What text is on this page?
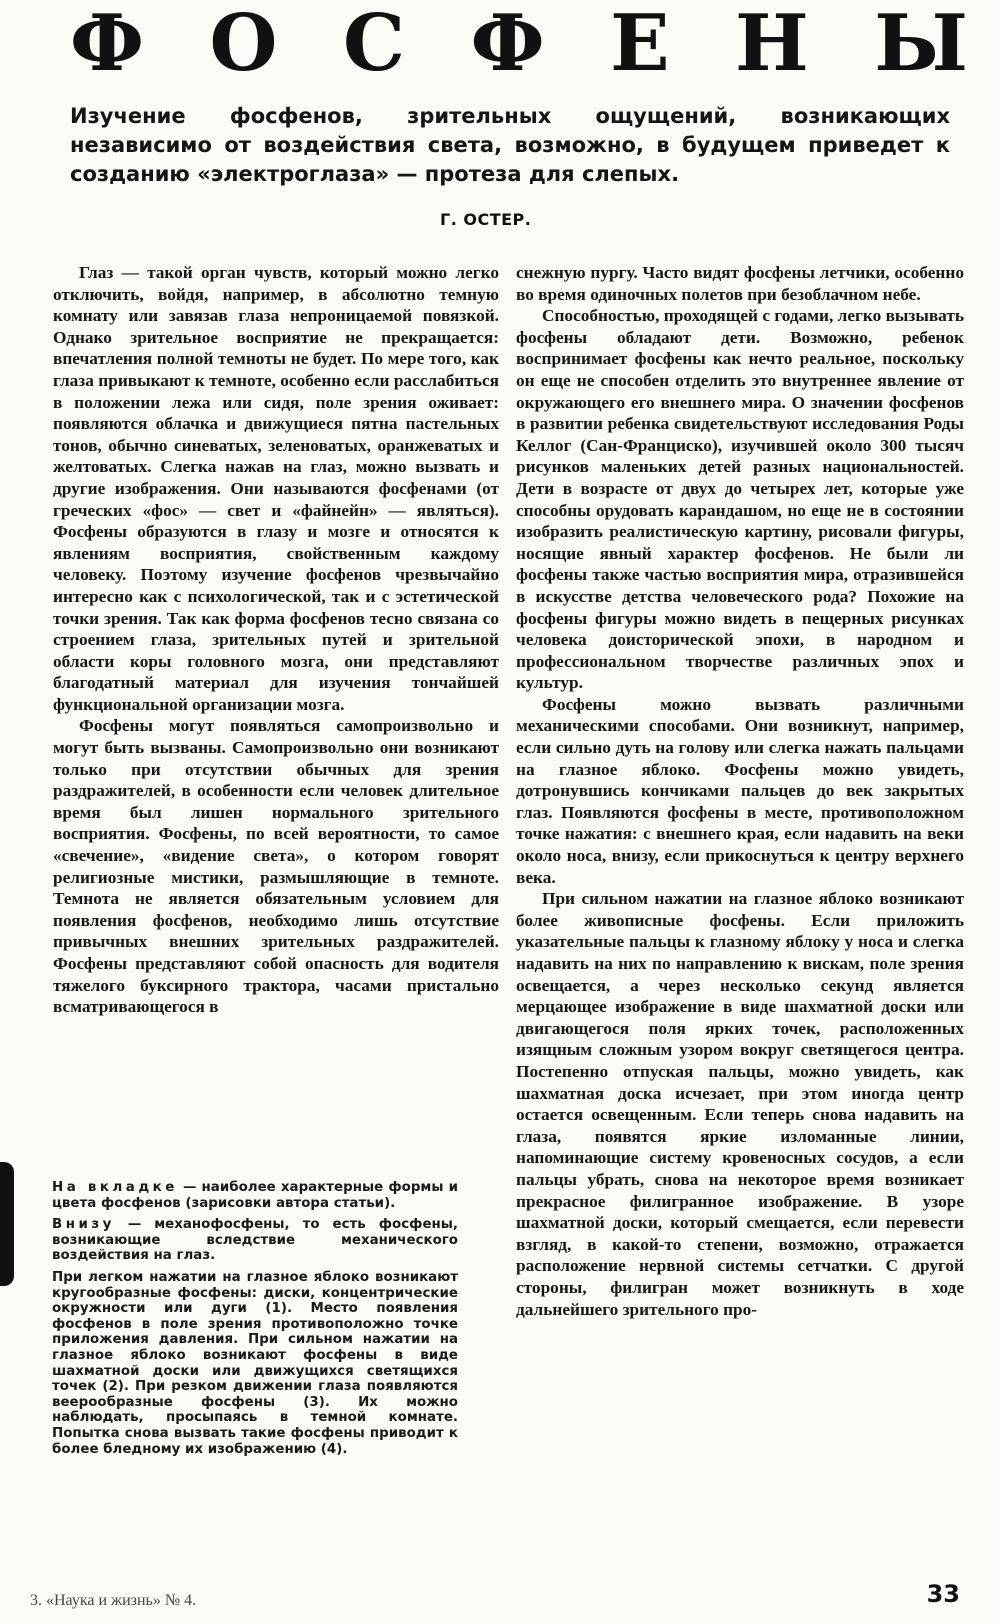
Ф О С Ф Е Н Ы
Изучение фосфенов, зрительных ощущений, возникающих независимо от воздействия света, возможно, в будущем приведет к созданию «электроглаза» — протеза для слепых.
Г. ОСТЕР.

Глаз — такой орган чувств, который можно легко отключить, войдя, например, в абсолютно темную комнату или завязав глаза непроницаемой повязкой. Однако зрительное восприятие не прекращается: впечатления полной темноты не будет. По мере того, как глаза привыкают к темноте, особенно если расслабиться в положении лежа или сидя, поле зрения оживает: появляются облачка и движущиеся пятна пастельных тонов, обычно синеватых, зеленоватых, оранжеватых и желтоватых. Слегка нажав на глаз, можно вызвать и другие изображения. Они называются фосфенами (от греческих «фос» — свет и «файнейн» — являться). Фосфены образуются в глазу и мозге и относятся к явлениям восприятия, свойственным каждому человеку. Поэтому изучение фосфенов чрезвычайно интересно как с психологической, так и с эстетической точки зрения. Так как форма фосфенов тесно связана со строением глаза, зрительных путей и зрительной области коры головного мозга, они представляют благодатный материал для изучения тончайшей функциональной организации мозга.

Фосфены могут появляться самопроизвольно и могут быть вызваны. Самопроизвольно они возникают только при отсутствии обычных для зрения раздражителей, в особенности если человек длительное время был лишен нормального зрительного восприятия. Фосфены, по всей вероятности, то самое «свечение», «видение света», о котором говорят религиозные мистики, размышляющие в темноте. Темнота не является обязательным условием для появления фосфенов, необходимо лишь отсутствие привычных внешних зрительных раздражителей. Фосфены представляют собой опасность для водителя тяжелого буксирного трактора, часами пристально всматривающегося в

снежную пургу. Часто видят фосфены летчики, особенно во время одиночных полетов при безоблачном небе.

Способностью, проходящей с годами, легко вызывать фосфены обладают дети. Возможно, ребенок воспринимает фосфены как нечто реальное, поскольку он еще не способен отделить это внутреннее явление от окружающего его внешнего мира. О значении фосфенов в развитии ребенка свидетельствуют исследования Роды Келлог (Сан-Франциско), изучившей около 300 тысяч рисунков маленьких детей разных национальностей. Дети в возрасте от двух до четырех лет, которые уже способны орудовать карандашом, но еще не в состоянии изобразить реалистическую картину, рисовали фигуры, носящие явный характер фосфенов. Не были ли фосфены также частью восприятия мира, отразившейся в искусстве детства человеческого рода? Похожие на фосфены фигуры можно видеть в пещерных рисунках человека доисторической эпохи, в народном и профессиональном творчестве различных эпох и культур.

Фосфены можно вызвать различными механическими способами. Они возникнут, например, если сильно дуть на голову или слегка нажать пальцами на глазное яблоко. Фосфены можно увидеть, дотронувшись кончиками пальцев до век закрытых глаз. Появляются фосфены в месте, противоположном точке нажатия: с внешнего края, если надавить на веки около носа, внизу, если прикоснуться к центру верхнего века.

При сильном нажатии на глазное яблоко возникают более живописные фосфены. Если приложить указательные пальцы к глазному яблоку у носа и слегка надавить на них по направлению к вискам, поле зрения освещается, а через несколько секунд является мерцающее изображение в виде шахматной доски или двигающегося поля ярких точек, расположенных изящным сложным узором вокруг светящегося центра. Постепенно отпуская пальцы, можно увидеть, как шахматная доска исчезает, при этом иногда центр остается освещенным. Если теперь снова надавить на глаза, появятся яркие изломанные линии, напоминающие систему кровеносных сосудов, а если пальцы убрать, снова на некоторое время возникает прекрасное филигранное изображение. В узоре шахматной доски, который смещается, если перевести взгляд, в какой-то степени, возможно, отражается расположение нервной системы сетчатки. С другой стороны, филигран может возникнуть в ходе дальнейшего зрительного про-

На вкладке — наиболее характерные формы и цвета фосфенов (зарисовки автора статьи).

Внизу — механофосфены, то есть фосфены, возникающие вследствие механического воздействия на глаз.

При легком нажатии на глазное яблоко возникают кругообразные фосфены: диски, концентрические окружности или дуги (1). Место появления фосфенов в поле зрения противоположно точке приложения давления. При сильном нажатии на глазное яблоко возникают фосфены в виде шахматной доски или движущихся светящихся точек (2). При резком движении глаза появляются веерообразные фосфены (3). Их можно наблюдать, просыпаясь в темной комнате. Попытка снова вызвать такие фосфены приводит к более бледному их изображению (4).

3. «Наука и жизнь» № 4.	33
